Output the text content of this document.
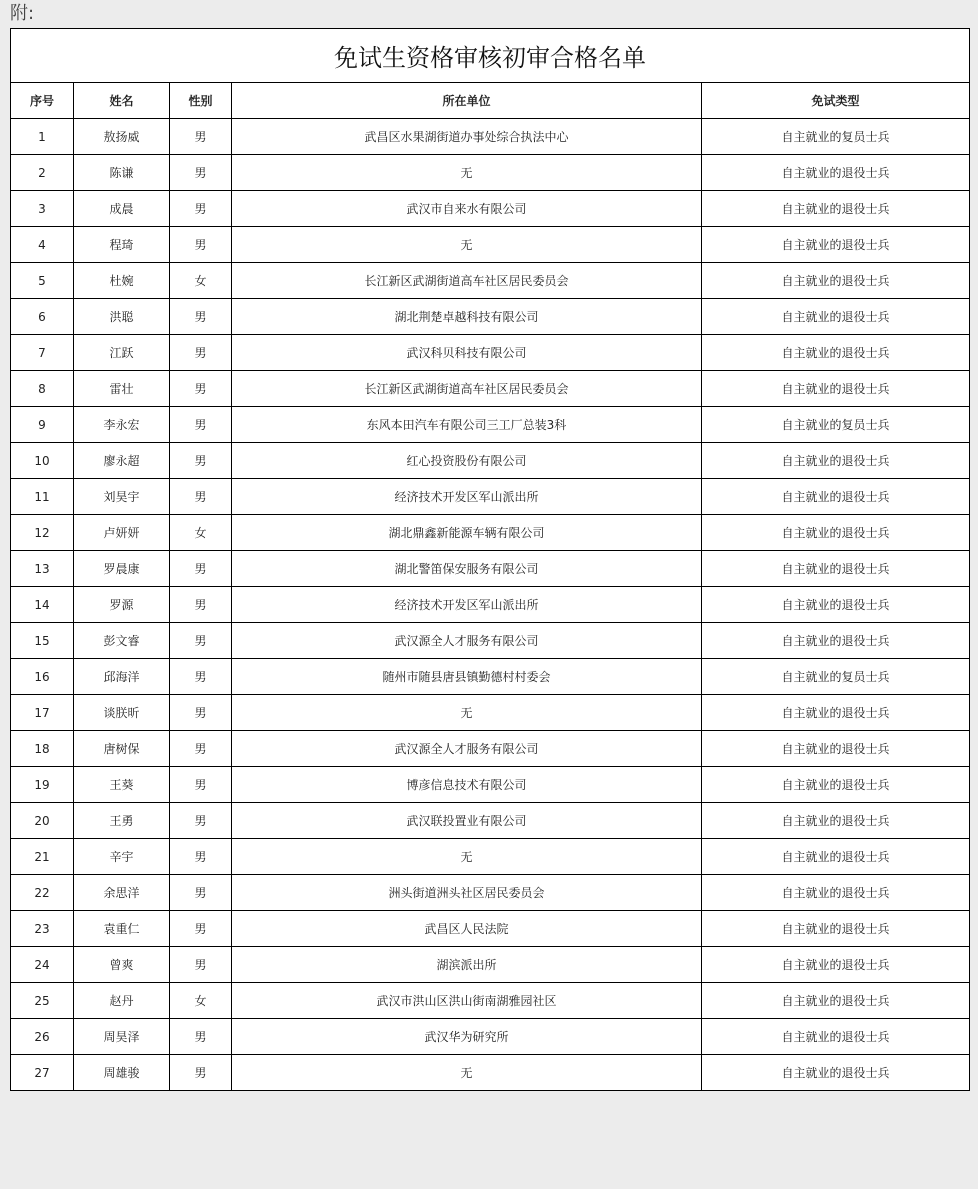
附:
免试生资格审核初审合格名单				
序号	姓名	性别	所在单位	免试类型
1	敖扬威	男	武昌区水果湖街道办事处综合执法中心	自主就业的复员士兵
2	陈谦	男	无	自主就业的退役士兵
3	成晨	男	武汉市自来水有限公司	自主就业的退役士兵
4	程琦	男	无	自主就业的退役士兵
5	杜婉	女	长江新区武湖街道高车社区居民委员会	自主就业的退役士兵
6	洪聪	男	湖北荆楚卓越科技有限公司	自主就业的退役士兵
7	江跃	男	武汉科贝科技有限公司	自主就业的退役士兵
8	雷壮	男	长江新区武湖街道高车社区居民委员会	自主就业的退役士兵
9	李永宏	男	东风本田汽车有限公司三工厂总装3科	自主就业的复员士兵
10	廖永超	男	红心投资股份有限公司	自主就业的退役士兵
11	刘昊宇	男	经济技术开发区军山派出所	自主就业的退役士兵
12	卢妍妍	女	湖北鼎鑫新能源车辆有限公司	自主就业的退役士兵
13	罗晨康	男	湖北警笛保安服务有限公司	自主就业的退役士兵
14	罗源	男	经济技术开发区军山派出所	自主就业的退役士兵
15	彭文睿	男	武汉源全人才服务有限公司	自主就业的退役士兵
16	邱海洋	男	随州市随县唐县镇勤德村村委会	自主就业的复员士兵
17	谈朕昕	男	无	自主就业的退役士兵
18	唐树保	男	武汉源全人才服务有限公司	自主就业的退役士兵
19	王葵	男	博彦信息技术有限公司	自主就业的退役士兵
20	王勇	男	武汉联投置业有限公司	自主就业的退役士兵
21	辛宇	男	无	自主就业的退役士兵
22	余思洋	男	洲头街道洲头社区居民委员会	自主就业的退役士兵
23	袁重仁	男	武昌区人民法院	自主就业的退役士兵
24	曾爽	男	湖滨派出所	自主就业的退役士兵
25	赵丹	女	武汉市洪山区洪山街南湖雅园社区	自主就业的退役士兵
26	周昊泽	男	武汉华为研究所	自主就业的退役士兵
27	周雄骏	男	无	自主就业的退役士兵
